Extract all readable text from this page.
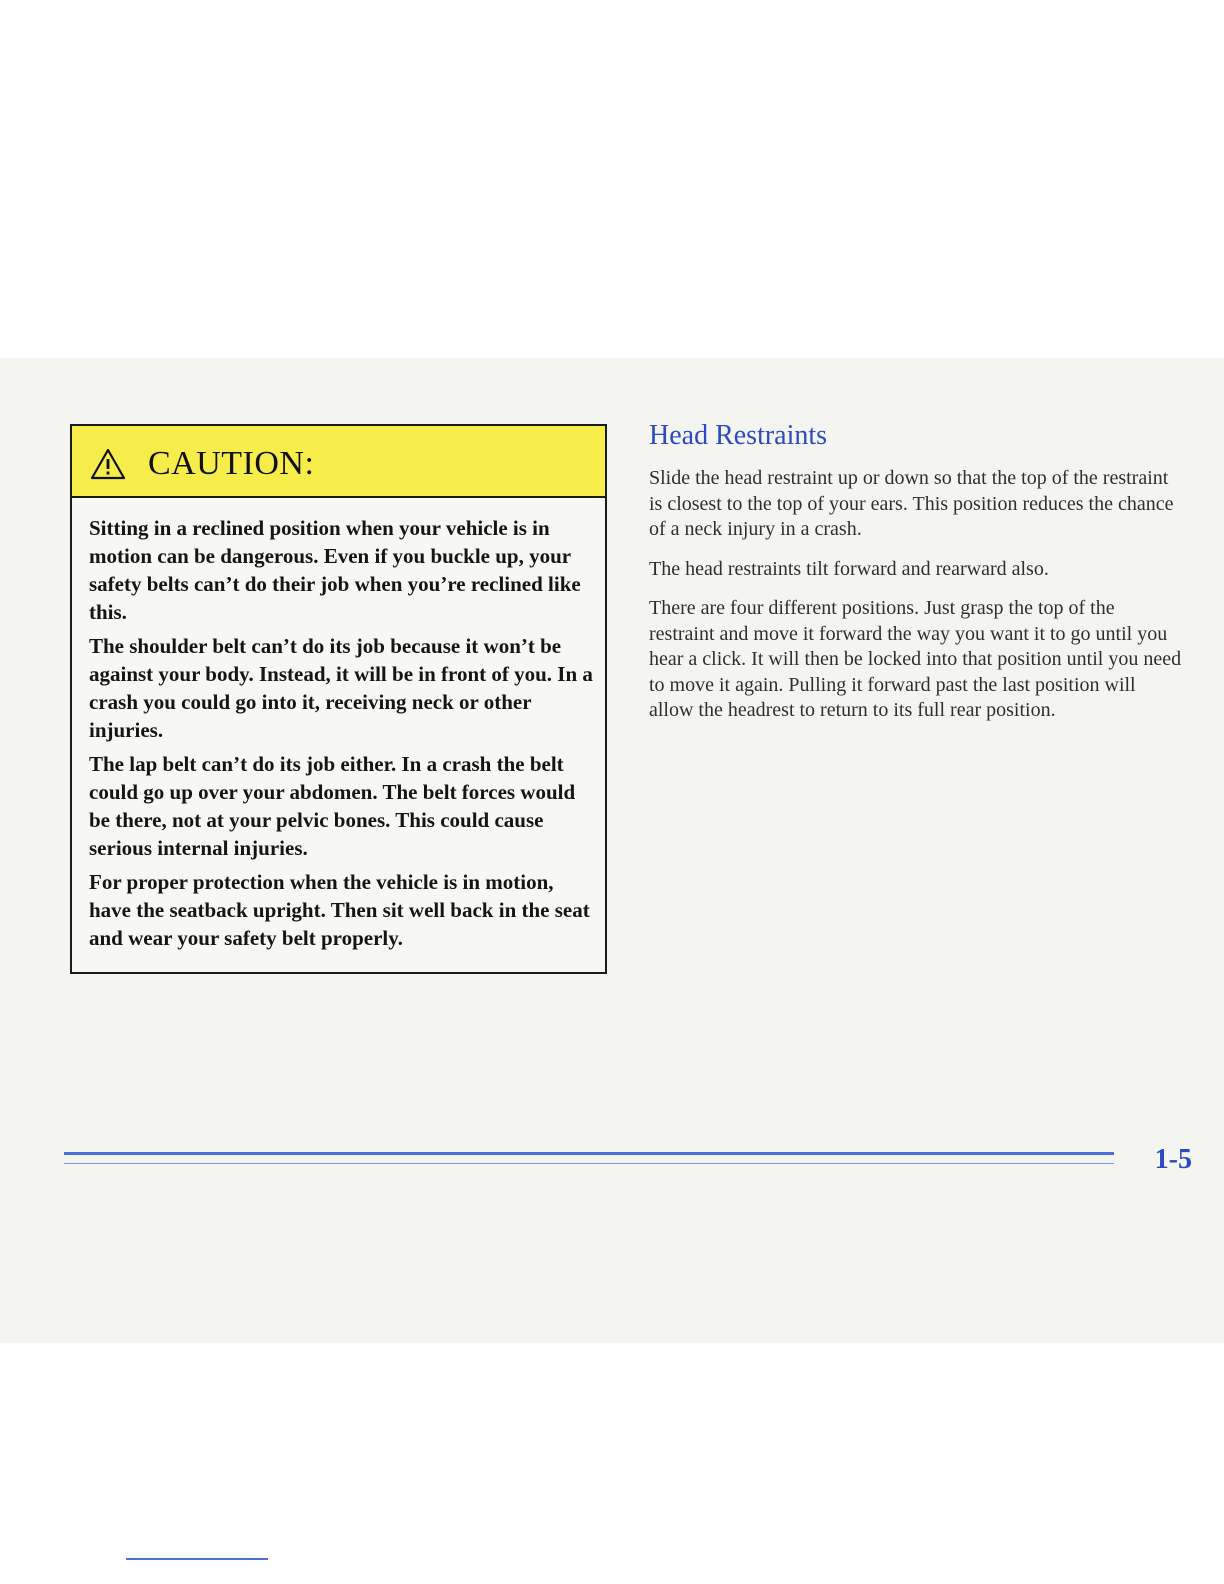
CAUTION:

Sitting in a reclined position when your vehicle is in motion can be dangerous. Even if you buckle up, your safety belts can’t do their job when you’re reclined like this.

The shoulder belt can’t do its job because it won’t be against your body. Instead, it will be in front of you. In a crash you could go into it, receiving neck or other injuries.

The lap belt can’t do its job either. In a crash the belt could go up over your abdomen. The belt forces would be there, not at your pelvic bones. This could cause serious internal injuries.

For proper protection when the vehicle is in motion, have the seatback upright. Then sit well back in the seat and wear your safety belt properly.

Head Restraints

Slide the head restraint up or down so that the top of the restraint is closest to the top of your ears. This position reduces the chance of a neck injury in a crash.

The head restraints tilt forward and rearward also.

There are four different positions. Just grasp the top of the restraint and move it forward the way you want it to go until you hear a click. It will then be locked into that position until you need to move it again. Pulling it forward past the last position will allow the headrest to return to its full rear position.

1-5
